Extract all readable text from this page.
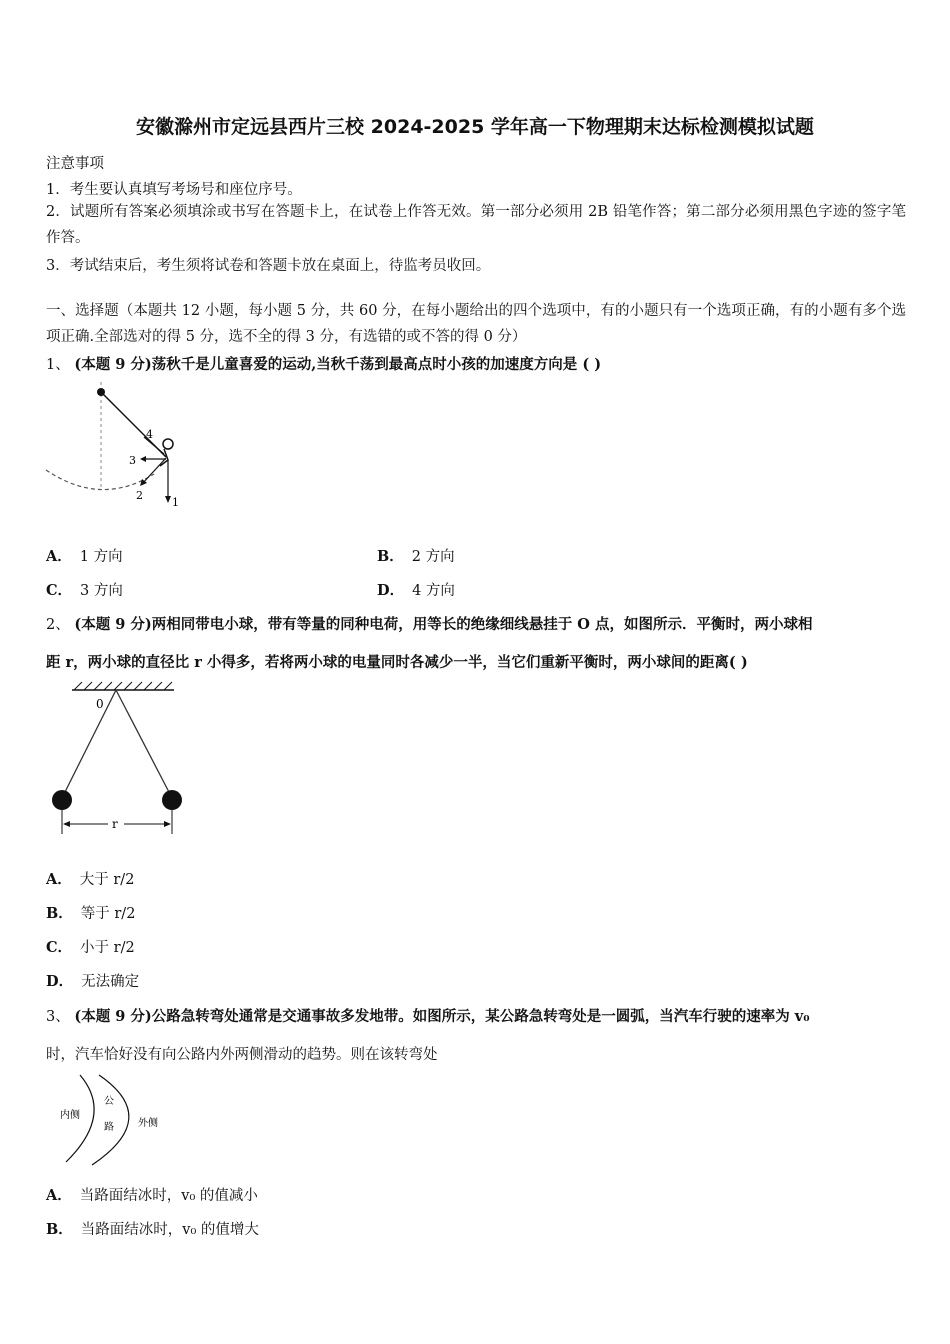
安徽滁州市定远县西片三校 2024-2025 学年高一下物理期末达标检测模拟试题
注意事项
1．考生要认真填写考场号和座位序号。
2．试题所有答案必须填涂或书写在答题卡上，在试卷上作答无效。第一部分必须用 2B 铅笔作答；第二部分必须用黑色字迹的签字笔作答。
3．考试结束后，考生须将试卷和答题卡放在桌面上，待监考员收回。
一、选择题（本题共 12 小题，每小题 5 分，共 60 分，在每小题给出的四个选项中，有的小题只有一个选项正确，有的小题有多个选项正确.全部选对的得 5 分，选不全的得 3 分，有选错的或不答的得 0 分）
1、 (本题 9 分)荡秋千是儿童喜爱的运动,当秋千荡到最高点时小孩的加速度方向是 ( )
4
3
2
1
A． 1 方向	B． 2 方向
C． 3 方向	D． 4 方向
2、 (本题 9 分)两相同带电小球，带有等量的同种电荷，用等长的绝缘细线悬挂于 O 点，如图所示．平衡时，两小球相
距 r，两小球的直径比 r 小得多，若将两小球的电量同时各减少一半，当它们重新平衡时，两小球间的距离( )
0
r
A． 大于 r/2
B． 等于 r/2
C． 小于 r/2
D． 无法确定
3、 (本题 9 分)公路急转弯处通常是交通事故多发地带。如图所示，某公路急转弯处是一圆弧，当汽车行驶的速率为 v₀
时，汽车恰好没有向公路内外两侧滑动的趋势。则在该转弯处
内侧
公
路 外侧
A． 当路面结冰时，v₀ 的值减小
B． 当路面结冰时，v₀ 的值增大
